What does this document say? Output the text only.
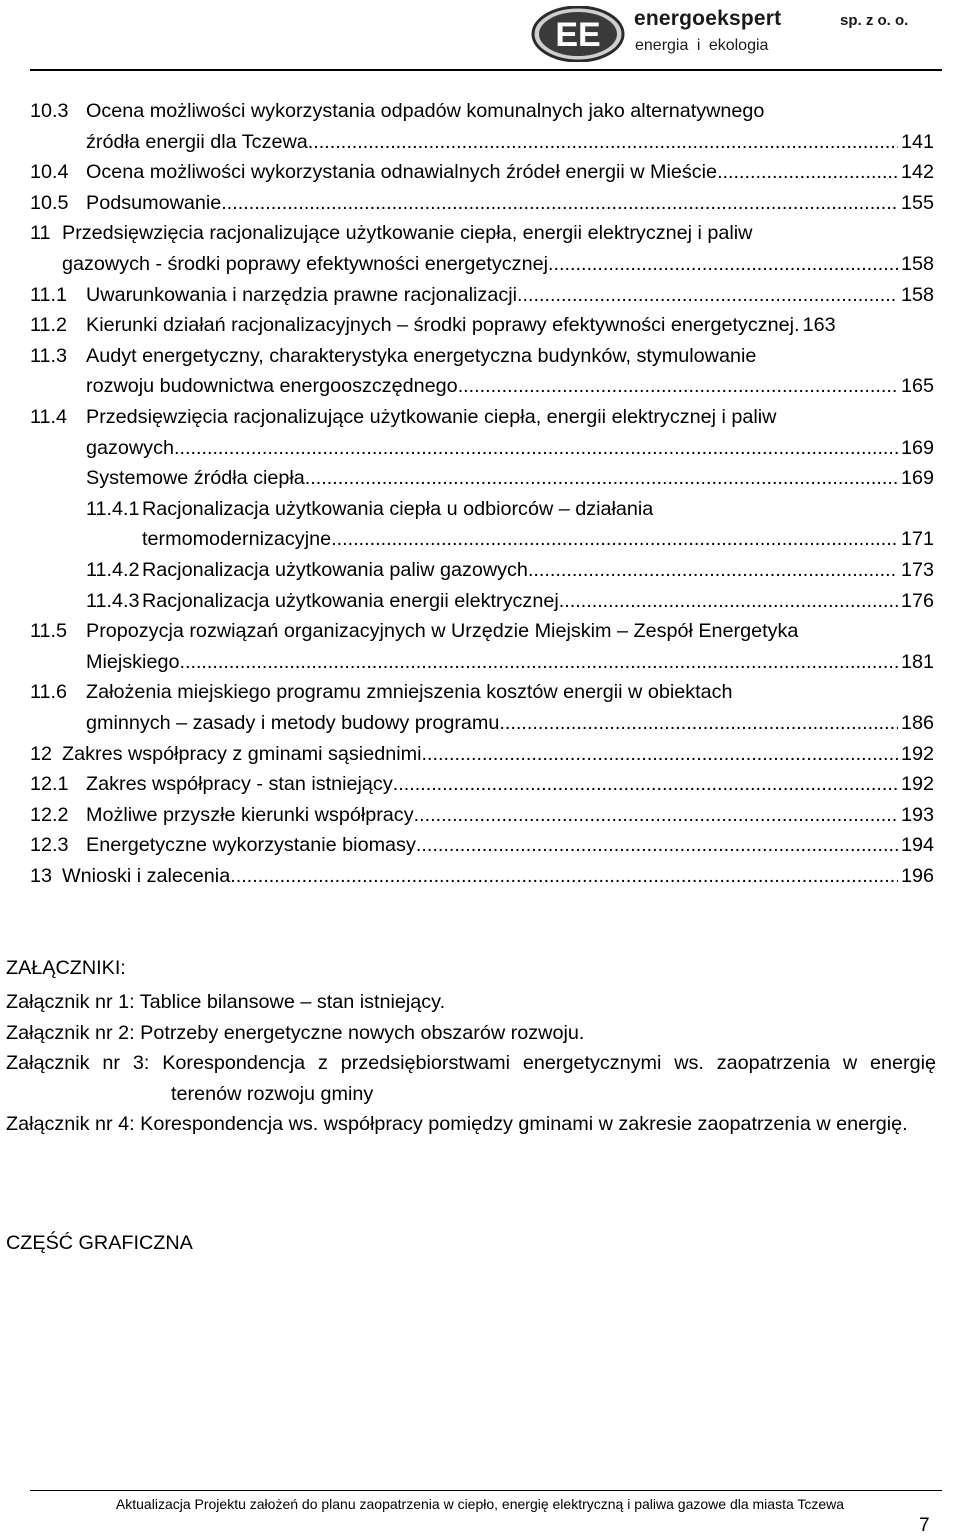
EE energoekspert	sp. z o. o.
energia i ekologia
10.3 Ocena możliwości wykorzystania odpadów komunalnych jako alternatywnego
źródła energii dla Tczewa .....	141
10.4 Ocena możliwości wykorzystania odnawialnych źródeł energii w Mieście .....	142
10.5 Podsumowanie .....	155
11 Przedsięwzięcia racjonalizujące użytkowanie ciepła, energii elektrycznej i paliw
gazowych - środki poprawy efektywności energetycznej .....	158
11.1 Uwarunkowania i narzędzia prawne racjonalizacji .....	158
11.2 Kierunki działań racjonalizacyjnych – środki poprawy efektywności energetycznej. 163
11.3 Audyt energetyczny, charakterystyka energetyczna budynków, stymulowanie
rozwoju budownictwa energooszczędnego .....	165
11.4 Przedsięwzięcia racjonalizujące użytkowanie ciepła, energii elektrycznej i paliw
gazowych .....	169
Systemowe źródła ciepła .....	169
11.4.1 Racjonalizacja użytkowania ciepła u odbiorców – działania
termomodernizacyjne .....	171
11.4.2 Racjonalizacja użytkowania paliw gazowych .....	173
11.4.3 Racjonalizacja użytkowania energii elektrycznej .....	176
11.5 Propozycja rozwiązań organizacyjnych w Urzędzie Miejskim – Zespół Energetyka
Miejskiego .....	181
11.6 Założenia miejskiego programu zmniejszenia kosztów energii w obiektach
gminnych – zasady i metody budowy programu .....	186
12 Zakres współpracy z gminami sąsiednimi .....	192
12.1 Zakres współpracy - stan istniejący .....	192
12.2 Możliwe przyszłe kierunki współpracy .....	193
12.3 Energetyczne wykorzystanie biomasy .....	194
13 Wnioski i zalecenia .....	196
ZAŁĄCZNIKI:
Załącznik nr 1: Tablice bilansowe – stan istniejący.
Załącznik nr 2: Potrzeby energetyczne nowych obszarów rozwoju.
Załącznik nr 3: Korespondencja z przedsiębiorstwami energetycznymi ws. zaopatrzenia w energię terenów rozwoju gminy
Załącznik nr 4: Korespondencja ws. współpracy pomiędzy gminami w zakresie zaopatrzenia w energię.
CZĘŚĆ GRAFICZNA
Aktualizacja Projektu założeń do planu zaopatrzenia w ciepło, energię elektryczną i paliwa gazowe dla miasta Tczewa
7
